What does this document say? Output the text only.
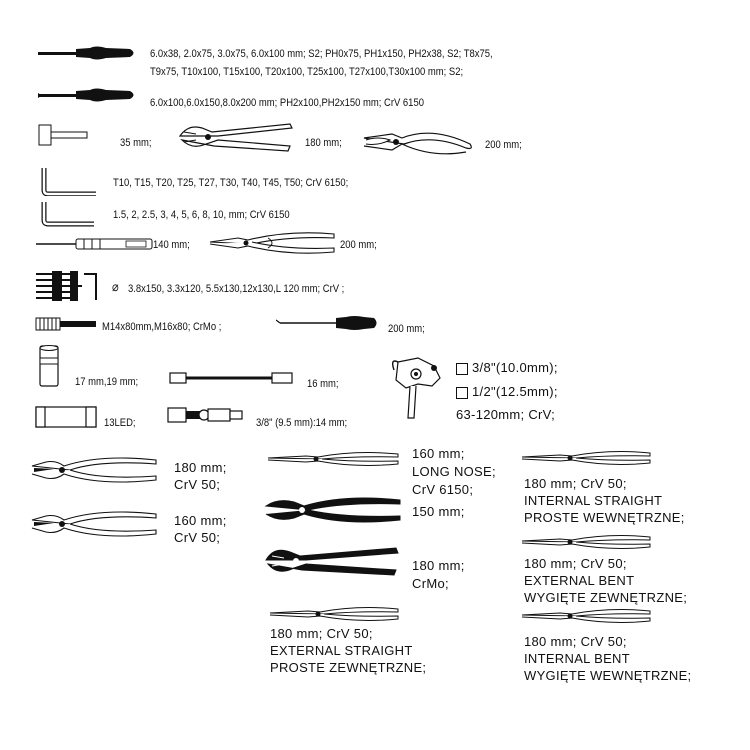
6.0x38, 2.0x75, 3.0x75, 6.0x100 mm; S2; PH0x75, PH1x150, PH2x38, S2; T8x75,
T9x75, T10x100, T15x100, T20x100, T25x100, T27x100,T30x100 mm; S2;
6.0x100,6.0x150,8.0x200 mm; PH2x100,PH2x150 mm; CrV 6150
35 mm;	180 mm;	200 mm;
T10, T15, T20, T25, T27, T30, T40, T45, T50; CrV 6150;
1.5, 2, 2.5, 3, 4, 5, 6, 8, 10, mm; CrV 6150
140 mm;	200 mm;
⌀ 3.8x150, 3.3x120, 5.5x130,12x130,L 120 mm; CrV ;
M14x80mm,M16x80; CrMo ;	200 mm;
17 mm,19 mm;	16 mm;
3/8"(10.0mm);
1/2"(12.5mm);
63-120mm; CrV;
13LED;	3/8" (9.5 mm):14 mm;
180 mm;
CrV 50;
160 mm;
CrV 50;
160 mm;
LONG NOSE;
CrV 6150;
150 mm;
180 mm;
CrMo;
180 mm; CrV 50;
EXTERNAL STRAIGHT
PROSTE ZEWNĘTRZNE;
180 mm; CrV 50;
INTERNAL STRAIGHT
PROSTE WEWNĘTRZNE;
180 mm; CrV 50;
EXTERNAL BENT
WYGIĘTE ZEWNĘTRZNE;
180 mm; CrV 50;
INTERNAL BENT
WYGIĘTE WEWNĘTRZNE;
